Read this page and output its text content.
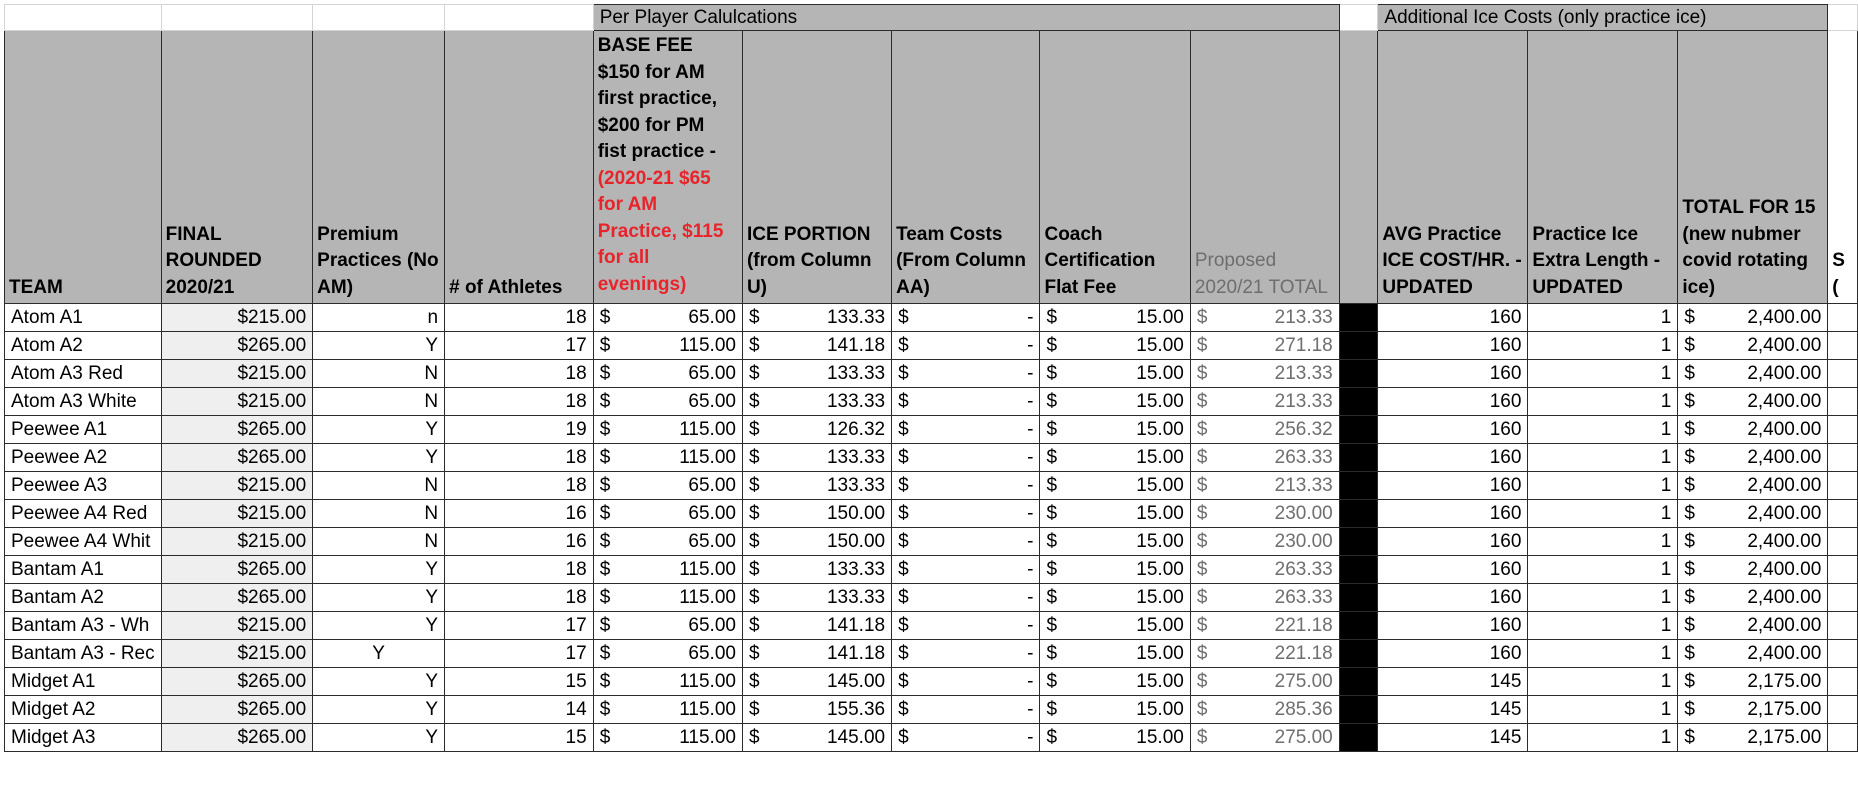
				Per Player Calulcations						Additional Ice Costs (only practice ice)			
TEAM	FINAL ROUNDED 2020/21	Premium Practices (No AM)	# of Athletes	BASE FEE $150 for AM first practice, $200 for PM fist practice - (2020-21 $65 for AM Practice, $115 for all evenings)	ICE PORTION (from Column U)	Team Costs (From Column AA)	Coach Certification Flat Fee	Proposed 2020/21 TOTAL		AVG Practice ICE COST/HR. - UPDATED	Practice Ice Extra Length - UPDATED	TOTAL FOR 15 (new nubmer covid rotating ice)	S
(
Atom A1	$215.00	n	18	$ 65.00	$ 133.33	$ -	$ 15.00	$ 213.33		160	1	$ 2,400.00	

Atom A2	$265.00	Y	17	$ 115.00	$ 141.18	$ -	$ 15.00	$ 271.18		160	1	$ 2,400.00	

Atom A3 Red	$215.00	N	18	$ 65.00	$ 133.33	$ -	$ 15.00	$ 213.33		160	1	$ 2,400.00	

Atom A3 White	$215.00	N	18	$ 65.00	$ 133.33	$ -	$ 15.00	$ 213.33		160	1	$ 2,400.00	

Peewee A1	$265.00	Y	19	$ 115.00	$ 126.32	$ -	$ 15.00	$ 256.32		160	1	$ 2,400.00	

Peewee A2	$265.00	Y	18	$ 115.00	$ 133.33	$ -	$ 15.00	$ 263.33		160	1	$ 2,400.00	

Peewee A3	$215.00	N	18	$ 65.00	$ 133.33	$ -	$ 15.00	$ 213.33		160	1	$ 2,400.00	

Peewee A4 Red	$215.00	N	16	$ 65.00	$ 150.00	$ -	$ 15.00	$ 230.00		160	1	$ 2,400.00	

Peewee A4 Whit	$215.00	N	16	$ 65.00	$ 150.00	$ -	$ 15.00	$ 230.00		160	1	$ 2,400.00	

Bantam A1	$265.00	Y	18	$ 115.00	$ 133.33	$ -	$ 15.00	$ 263.33		160	1	$ 2,400.00	

Bantam A2	$265.00	Y	18	$ 115.00	$ 133.33	$ -	$ 15.00	$ 263.33		160	1	$ 2,400.00	

Bantam A3 - Wh	$215.00	Y	17	$ 65.00	$ 141.18	$ -	$ 15.00	$ 221.18		160	1	$ 2,400.00	

Bantam A3 - Rec	$215.00	Y	17	$ 65.00	$ 141.18	$ -	$ 15.00	$ 221.18		160	1	$ 2,400.00	

Midget A1	$265.00	Y	15	$ 115.00	$ 145.00	$ -	$ 15.00	$ 275.00		145	1	$ 2,175.00	

Midget A2	$265.00	Y	14	$ 115.00	$ 155.36	$ -	$ 15.00	$ 285.36		145	1	$ 2,175.00	

Midget A3	$265.00	Y	15	$ 115.00	$ 145.00	$ -	$ 15.00	$ 275.00		145	1	$ 2,175.00	
